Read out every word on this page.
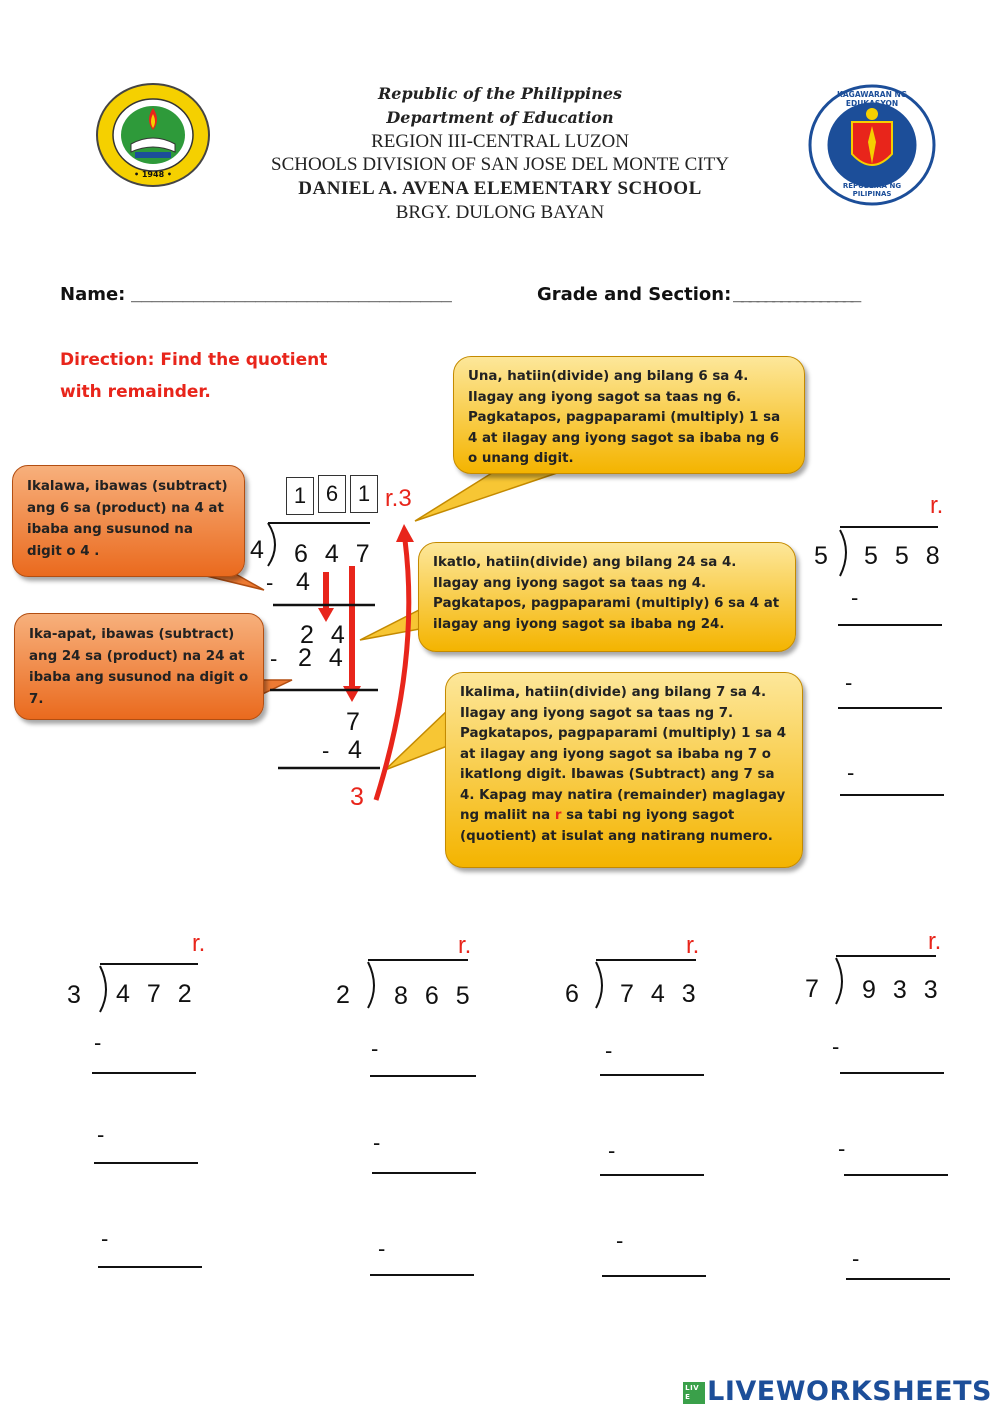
• 1948 •
KAGAWARAN NG EDUKASYON
REPUBLIKA NG PILIPINAS
Republic of the Philippines
Department of Education
REGION III-CENTRAL LUZON
SCHOOLS DIVISION OF SAN JOSE DEL MONTE CITY
DANIEL A. AVENA ELEMENTARY SCHOOL
BRGY. DULONG BAYAN
Name: _______________________________	Grade and Section: ________________
Direction: Find the quotient
with remainder.
Una, hatiin(divide) ang bilang 6 sa 4. Ilagay ang iyong sagot sa taas ng 6. Pagkatapos, pagpaparami (multiply) 1 sa 4 at ilagay ang iyong sagot sa ibaba ng 6 o unang digit.
Ikalawa, ibawas (subtract) ang 6 sa (product) na 4 at ibaba ang susunod na digit o 4 .
Ikatlo, hatiin(divide) ang bilang 24 sa 4. Ilagay ang iyong sagot sa taas ng 4. Pagkatapos, pagpaparami (multiply) 6 sa 4 at ilagay ang iyong sagot sa ibaba ng 24.
Ika-apat, ibawas (subtract) ang 24 sa (product) na 24 at ibaba ang susunod na digit o 7.	Ikalima, hatiin(divide) ang bilang 7 sa 4. Ilagay ang iyong sagot sa taas ng 7. Pagkatapos, pagpaparami (multiply) 1 sa 4 at ilagay ang iyong sagot sa ibaba ng 7 o ikatlong digit. Ibawas (Subtract) ang 7 sa 4. Kapag may natira (remainder) maglagay ng maliit na r sa tabi ng iyong sagot (quotient) at isulat ang natirang numero.
1 6 1 r.3
4 6 4 7
- 4
2 4
- 2 4
7
- 4
3
r.
5 5 5 8
-
-
-
r.
3 4 7 2
-
-
-
r.
2 8 6 5
-
-
-
r.
6 7 4 3
-
-
-
r.
7 9 3 3
-
-
-
LIVE LIVEWORKSHEETS
